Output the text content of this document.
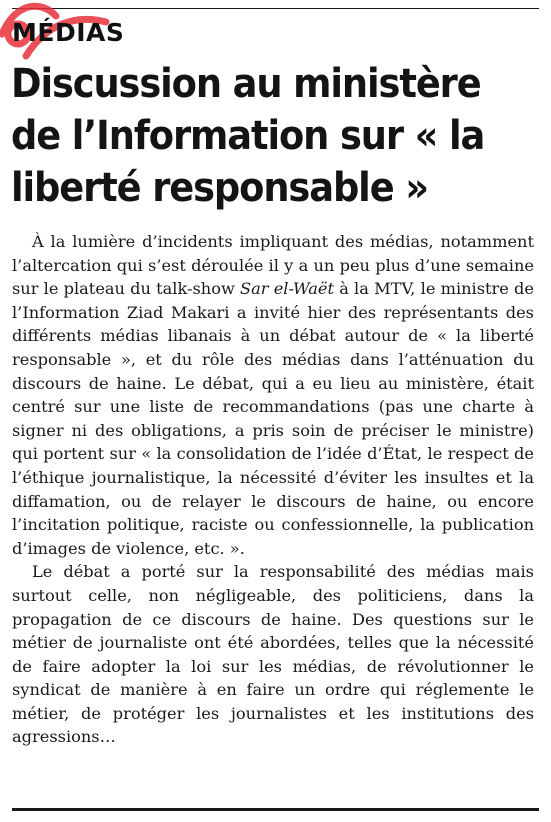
MÉDIAS
Discussion au ministère de l’Information sur « la liberté responsable »

À la lumière d’incidents impliquant des médias, notamment l’altercation qui s’est déroulée il y a un peu plus d’une semaine sur le plateau du talk-show Sar el-Waët à la MTV, le ministre de l’Information Ziad Makari a invité hier des représentants des différents médias libanais à un débat autour de « la liberté responsable », et du rôle des médias dans l’atténuation du discours de haine. Le débat, qui a eu lieu au ministère, était centré sur une liste de recommandations (pas une charte à signer ni des obligations, a pris soin de préciser le ministre) qui portent sur « la consolidation de l’idée d’État, le respect de l’éthique journalistique, la nécessité d’éviter les insultes et la diffamation, ou de relayer le discours de haine, ou encore l’incitation politique, raciste ou confessionnelle, la publication d’images de violence, etc. ».

Le débat a porté sur la responsabilité des médias mais surtout celle, non négligeable, des politiciens, dans la propagation de ce discours de haine. Des questions sur le métier de journaliste ont été abordées, telles que la nécessité de faire adopter la loi sur les médias, de révolutionner le syndicat de manière à en faire un ordre qui réglemente le métier, de protéger les journalistes et les institutions des agressions…
